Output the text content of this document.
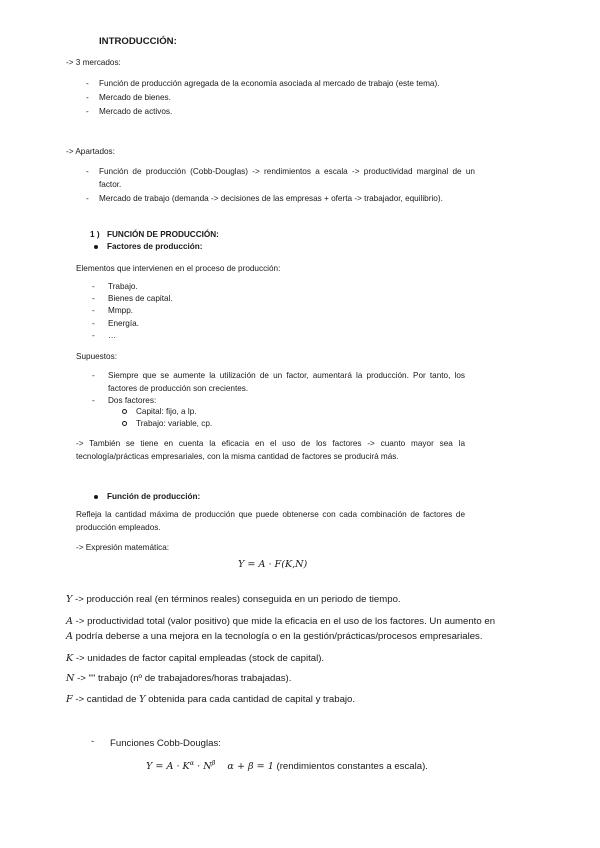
INTRODUCCIÓN:
-> 3 mercados:
- Función de producción agregada de la economía asociada al mercado de trabajo (este tema).
- Mercado de bienes.
- Mercado de activos.
-> Apartados:
- Función de producción (Cobb-Douglas) -> rendimientos a escala -> productividad marginal de un factor.
- Mercado de trabajo (demanda -> decisiones de las empresas + oferta -> trabajador, equilibrio).
1 ) FUNCIÓN DE PRODUCCIÓN:
Factores de producción:
Elementos que intervienen en el proceso de producción:
- Trabajo.
- Bienes de capital.
- Mmpp.
- Energía.
- …
Supuestos:
- Siempre que se aumente la utilización de un factor, aumentará la producción. Por tanto, los factores de producción son crecientes.
- Dos factores:
Capital: fijo, a lp.
Trabajo: variable, cp.
-> También se tiene en cuenta la eficacia en el uso de los factores -> cuanto mayor sea la tecnología/prácticas empresariales, con la misma cantidad de factores se producirá más.
Función de producción:
Refleja la cantidad máxima de producción que puede obtenerse con cada combinación de factores de producción empleados.
-> Expresión matemática:
Y = A · F(K,N)
Y -> producción real (en términos reales) conseguida en un periodo de tiempo.
A -> productividad total (valor positivo) que mide la eficacia en el uso de los factores. Un aumento en
A podría deberse a una mejora en la tecnología o en la gestión/prácticas/procesos empresariales.
K -> unidades de factor capital empleadas (stock de capital).
N -> "" trabajo (nº de trabajadores/horas trabajadas).
F -> cantidad de Y obtenida para cada cantidad de capital y trabajo.
- Funciones Cobb-Douglas:
$Y = A \cdot K^\alpha \cdot N^\beta$ α + β = 1 (rendimientos constantes a escala).
